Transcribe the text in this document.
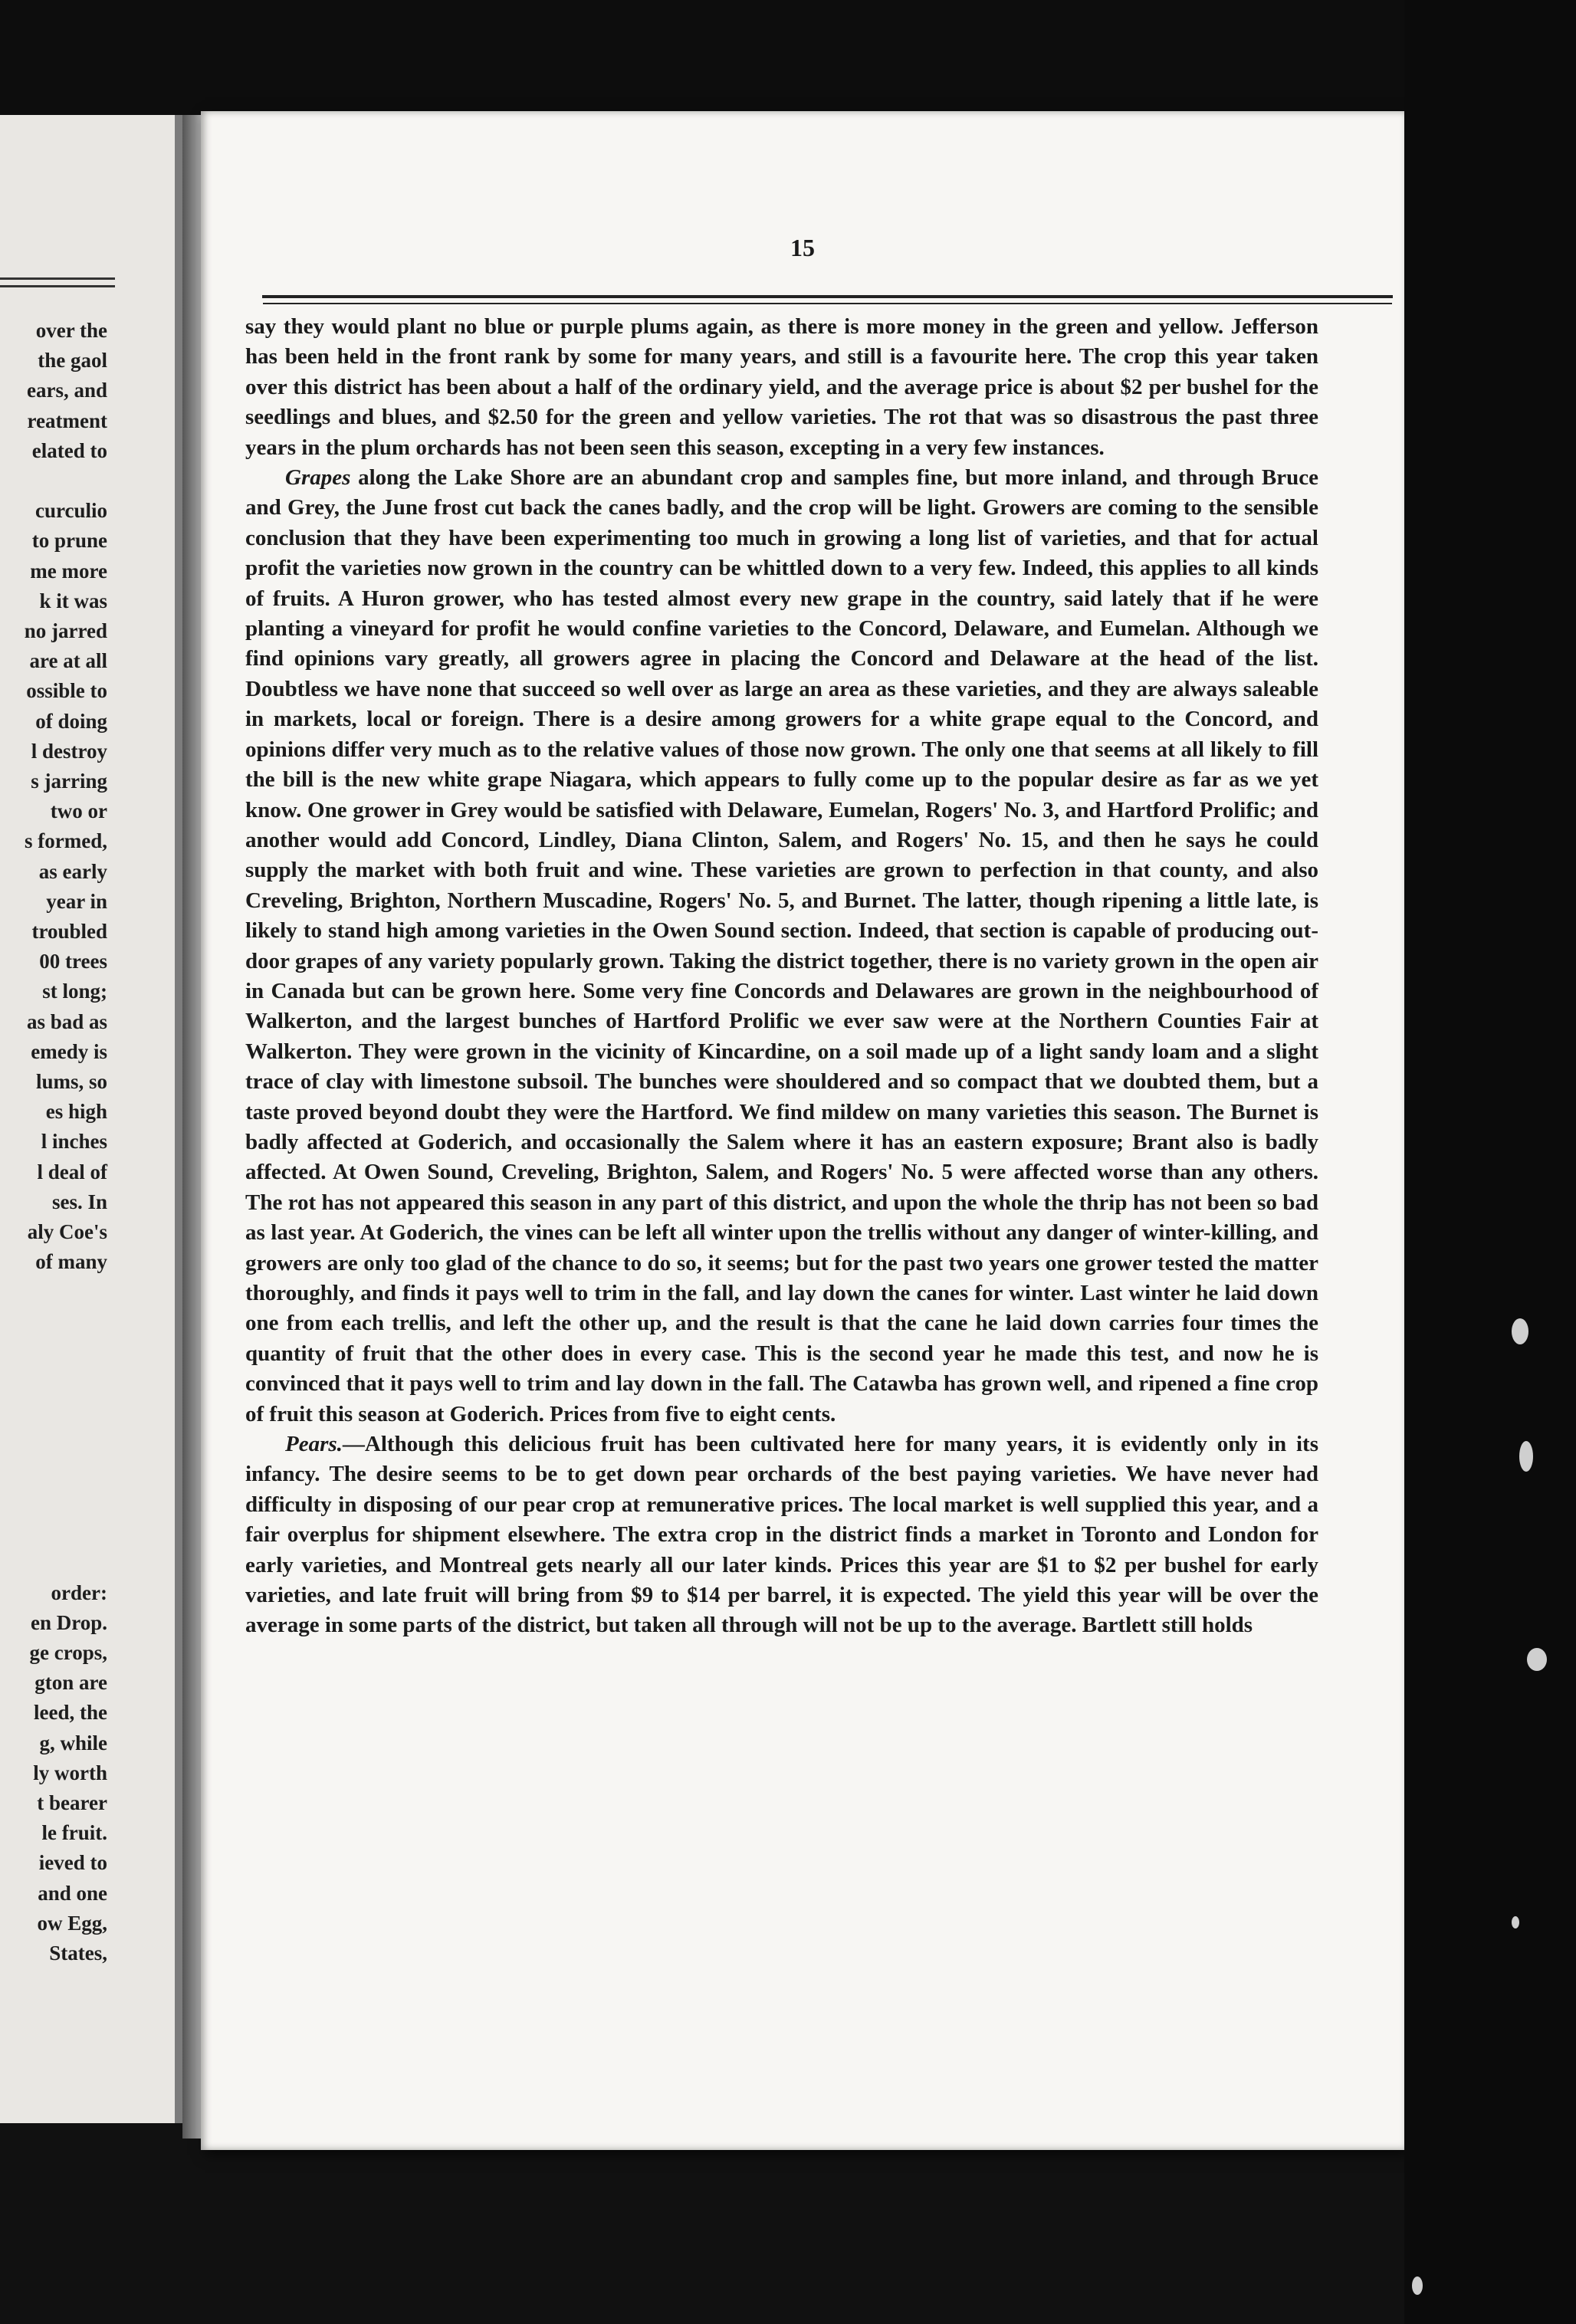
over the
the gaol
ears, and
reatment
elated to

curculio
to prune
me more
k it was
no jarred
are at all
ossible to
of doing
l destroy
s jarring
two or
s formed,
as early
year in
troubled
00 trees
st long;
as bad as
emedy is
lums, so
es high
l inches
l deal of
ses. In
aly Coe's
of many

order:
en Drop.
ge crops,
gton are
leed, the
g, while
ly worth
t bearer
le fruit.
ieved to
and one
ow Egg,
States,
15

say they would plant no blue or purple plums again, as there is more money in the green and yellow. Jefferson has been held in the front rank by some for many years, and still is a favourite here. The crop this year taken over this district has been about a half of the ordinary yield, and the average price is about $2 per bushel for the seedlings and blues, and $2.50 for the green and yellow varieties. The rot that was so disastrous the past three years in the plum orchards has not been seen this season, excepting in a very few instances.

Grapes along the Lake Shore are an abundant crop and samples fine, but more inland, and through Bruce and Grey, the June frost cut back the canes badly, and the crop will be light. Growers are coming to the sensible conclusion that they have been experimenting too much in growing a long list of varieties, and that for actual profit the varieties now grown in the country can be whittled down to a very few. Indeed, this applies to all kinds of fruits. A Huron grower, who has tested almost every new grape in the country, said lately that if he were planting a vineyard for profit he would confine varieties to the Concord, Delaware, and Eumelan. Although we find opinions vary greatly, all growers agree in placing the Concord and Delaware at the head of the list. Doubtless we have none that succeed so well over as large an area as these varieties, and they are always saleable in markets, local or foreign. There is a desire among growers for a white grape equal to the Concord, and opinions differ very much as to the relative values of those now grown. The only one that seems at all likely to fill the bill is the new white grape Niagara, which appears to fully come up to the popular desire as far as we yet know. One grower in Grey would be satisfied with Delaware, Eumelan, Rogers' No. 3, and Hartford Prolific; and another would add Concord, Lindley, Diana Clinton, Salem, and Rogers' No. 15, and then he says he could supply the market with both fruit and wine. These varieties are grown to perfection in that county, and also Creveling, Brighton, Northern Muscadine, Rogers' No. 5, and Burnet. The latter, though ripening a little late, is likely to stand high among varieties in the Owen Sound section. Indeed, that section is capable of producing out-door grapes of any variety popularly grown. Taking the district together, there is no variety grown in the open air in Canada but can be grown here. Some very fine Concords and Delawares are grown in the neighbourhood of Walkerton, and the largest bunches of Hartford Prolific we ever saw were at the Northern Counties Fair at Walkerton. They were grown in the vicinity of Kincardine, on a soil made up of a light sandy loam and a slight trace of clay with limestone subsoil. The bunches were shouldered and so compact that we doubted them, but a taste proved beyond doubt they were the Hartford. We find mildew on many varieties this season. The Burnet is badly affected at Goderich, and occasionally the Salem where it has an eastern exposure; Brant also is badly affected. At Owen Sound, Creveling, Brighton, Salem, and Rogers' No. 5 were affected worse than any others. The rot has not appeared this season in any part of this district, and upon the whole the thrip has not been so bad as last year. At Goderich, the vines can be left all winter upon the trellis without any danger of winter-killing, and growers are only too glad of the chance to do so, it seems; but for the past two years one grower tested the matter thoroughly, and finds it pays well to trim in the fall, and lay down the canes for winter. Last winter he laid down one from each trellis, and left the other up, and the result is that the cane he laid down carries four times the quantity of fruit that the other does in every case. This is the second year he made this test, and now he is convinced that it pays well to trim and lay down in the fall. The Catawba has grown well, and ripened a fine crop of fruit this season at Goderich. Prices from five to eight cents.

Pears.—Although this delicious fruit has been cultivated here for many years, it is evidently only in its infancy. The desire seems to be to get down pear orchards of the best paying varieties. We have never had difficulty in disposing of our pear crop at remunerative prices. The local market is well supplied this year, and a fair overplus for shipment elsewhere. The extra crop in the district finds a market in Toronto and London for early varieties, and Montreal gets nearly all our later kinds. Prices this year are $1 to $2 per bushel for early varieties, and late fruit will bring from $9 to $14 per barrel, it is expected. The yield this year will be over the average in some parts of the district, but taken all through will not be up to the average. Bartlett still holds
